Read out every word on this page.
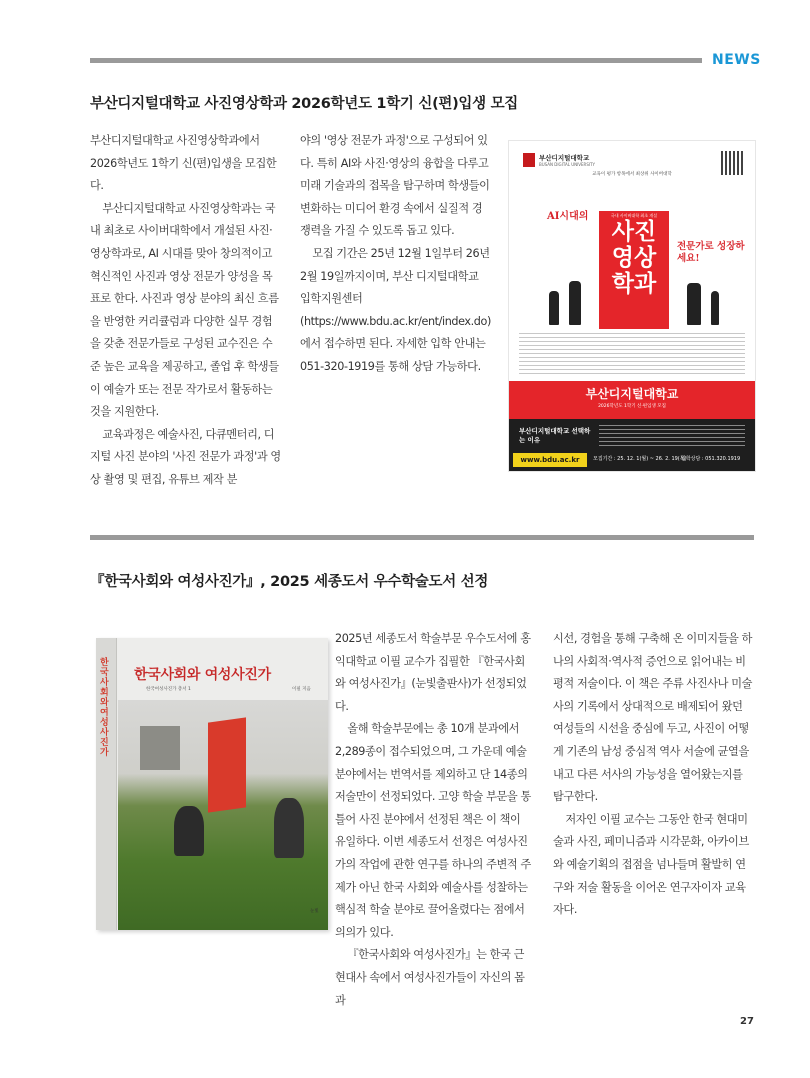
NEWS
부산디지털대학교 사진영상학과 2026학년도 1학기 신(편)입생 모집

부산디지털대학교 사진영상학과에서 2026학년도 1학기 신(편)입생을 모집한다.

부산디지털대학교 사진영상학과는 국내 최초로 사이버대학에서 개설된 사진·영상학과로, AI 시대를 맞아 창의적이고 혁신적인 사진과 영상 전문가 양성을 목표로 한다. 사진과 영상 분야의 최신 흐름을 반영한 커리큘럼과 다양한 실무 경험을 갖춘 전문가들로 구성된 교수진은 수준 높은 교육을 제공하고, 졸업 후 학생들이 예술가 또는 전문 작가로서 활동하는 것을 지원한다.

교육과정은 예술사진, 다큐멘터리, 디지털 사진 분야의 '사진 전문가 과정'과 영상 촬영 및 편집, 유튜브 제작 분

야의 '영상 전문가 과정'으로 구성되어 있다. 특히 AI와 사진·영상의 융합을 다루고 미래 기술과의 접목을 탐구하며 학생들이 변화하는 미디어 환경 속에서 실질적 경쟁력을 가질 수 있도록 돕고 있다.

모집 기간은 25년 12월 1일부터 26년 2월 19일까지이며, 부산 디지털대학교 입학지원센터(https://www.bdu.ac.kr/ent/index.do)에서 접수하면 된다. 자세한 입학 안내는 051-320-1919를 통해 상담 가능하다.

부산디지털대학교
BUSAN DIGITAL UNIVERSITY
교육이 평가 항목에서 최상위 사이버대학
AI시대의	국내 사이버대학 최초 개설
사진 영상 학과
전문가로 성장하세요!
부산디지털대학교
2026학년도 1학기 신·편입생 모집
부산디지털대학교 선택하는 이유
www.bdu.ac.kr	모집기간 : 25. 12. 1(월) ~ 26. 2. 19(목)
입학상담 : 051.320.1919
『한국사회와 여성사진가』, 2025 세종도서 우수학술도서 선정
한국사회와 여성사진가
한국사회와 여성사진가
한국여성사진가 총서 1	이필 지음
눈빛

2025년 세종도서 학술부문 우수도서에 홍익대학교 이필 교수가 집필한 『한국사회와 여성사진가』(눈빛출판사)가 선정되었다.

올해 학술부문에는 총 10개 분과에서 2,289종이 접수되었으며, 그 가운데 예술 분야에서는 번역서를 제외하고 단 14종의 저술만이 선정되었다. 고양 학술 부문을 통틀어 사진 분야에서 선정된 책은 이 책이 유일하다. 이번 세종도서 선정은 여성사진가의 작업에 관한 연구를 하나의 주변적 주제가 아닌 한국 사회와 예술사를 성찰하는 핵심적 학술 분야로 끌어올렸다는 점에서 의의가 있다.

『한국사회와 여성사진가』는 한국 근현대사 속에서 여성사진가들이 자신의 몸과

시선, 경험을 통해 구축해 온 이미지들을 하나의 사회적·역사적 증언으로 읽어내는 비평적 저술이다. 이 책은 주류 사진사나 미술사의 기록에서 상대적으로 배제되어 왔던 여성들의 시선을 중심에 두고, 사진이 어떻게 기존의 남성 중심적 역사 서술에 균열을 내고 다른 서사의 가능성을 열어왔는지를 탐구한다.

저자인 이필 교수는 그동안 한국 현대미술과 사진, 페미니즘과 시각문화, 아카이브와 예술기획의 접점을 넘나들며 활발히 연구와 저술 활동을 이어온 연구자이자 교육자다.

27
